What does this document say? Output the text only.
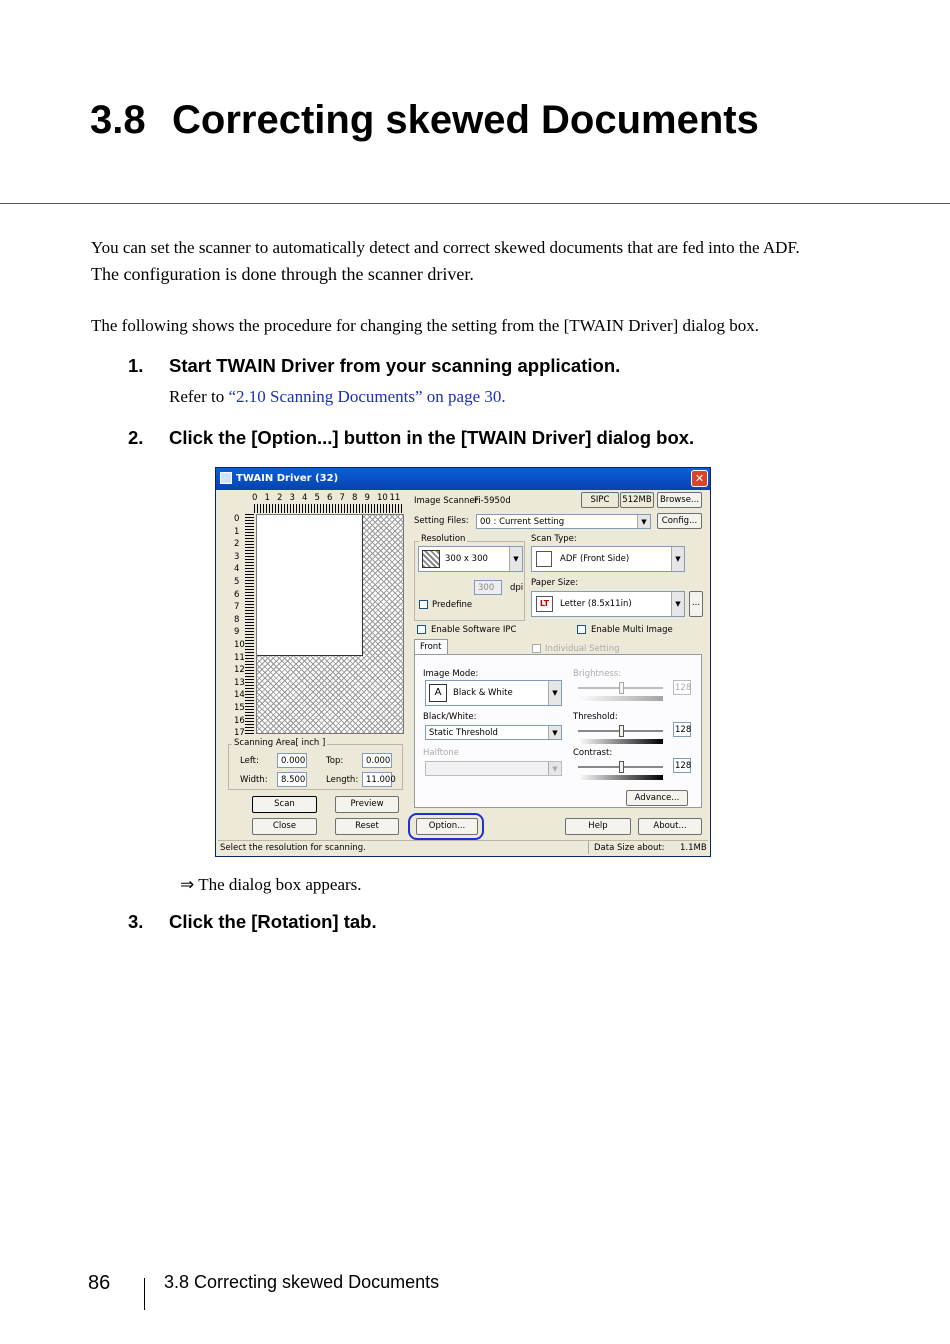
3.8 Correcting skewed Documents
You can set the scanner to automatically detect and correct skewed documents that are fed into the ADF.
The configuration is done through the scanner driver.
The following shows the procedure for changing the setting from the [TWAIN Driver] dialog box.
1. Start TWAIN Driver from your scanning application.
Refer to “2.10 Scanning Documents” on page 30.
2. Click the [Option...] button in the [TWAIN Driver] dialog box.
TWAIN Driver (32)	✕
0 1 2 3 4 5 6 7 8 9 10 11
0
1
2
3
4
5
6
7
8
9
10
11
12
13
14
15
16
17
Scanning Area[ inch ]
Left:	0.000 Top:	0.000
Width:	8.500 Length: 11.000
Scan	Preview
Close	Reset
Image Scanner:
Fi-5950d	SIPC	512MB Browse...
Setting Files:	00 : Current Setting	▼	Config...
Resolution
300 x 300	▼
300	dpi
Predefine
Scan Type:
ADF (Front Side)	▼
Paper Size:
LT	Letter (8.5x11in)	▼	...
Enable Software IPC	Enable Multi Image
Front	Individual Setting
Image Mode:
A	Black & White	▼
Black/White:
Static Threshold	▼
Halftone
▼
Brightness:
128
Threshold:
128
Contrast:
128
Advance...
Option...	Help	About...
Select the resolution for scanning.	Data Size about: 1.1MB
⇒ The dialog box appears.
3. Click the [Rotation] tab.
86	3.8 Correcting skewed Documents
